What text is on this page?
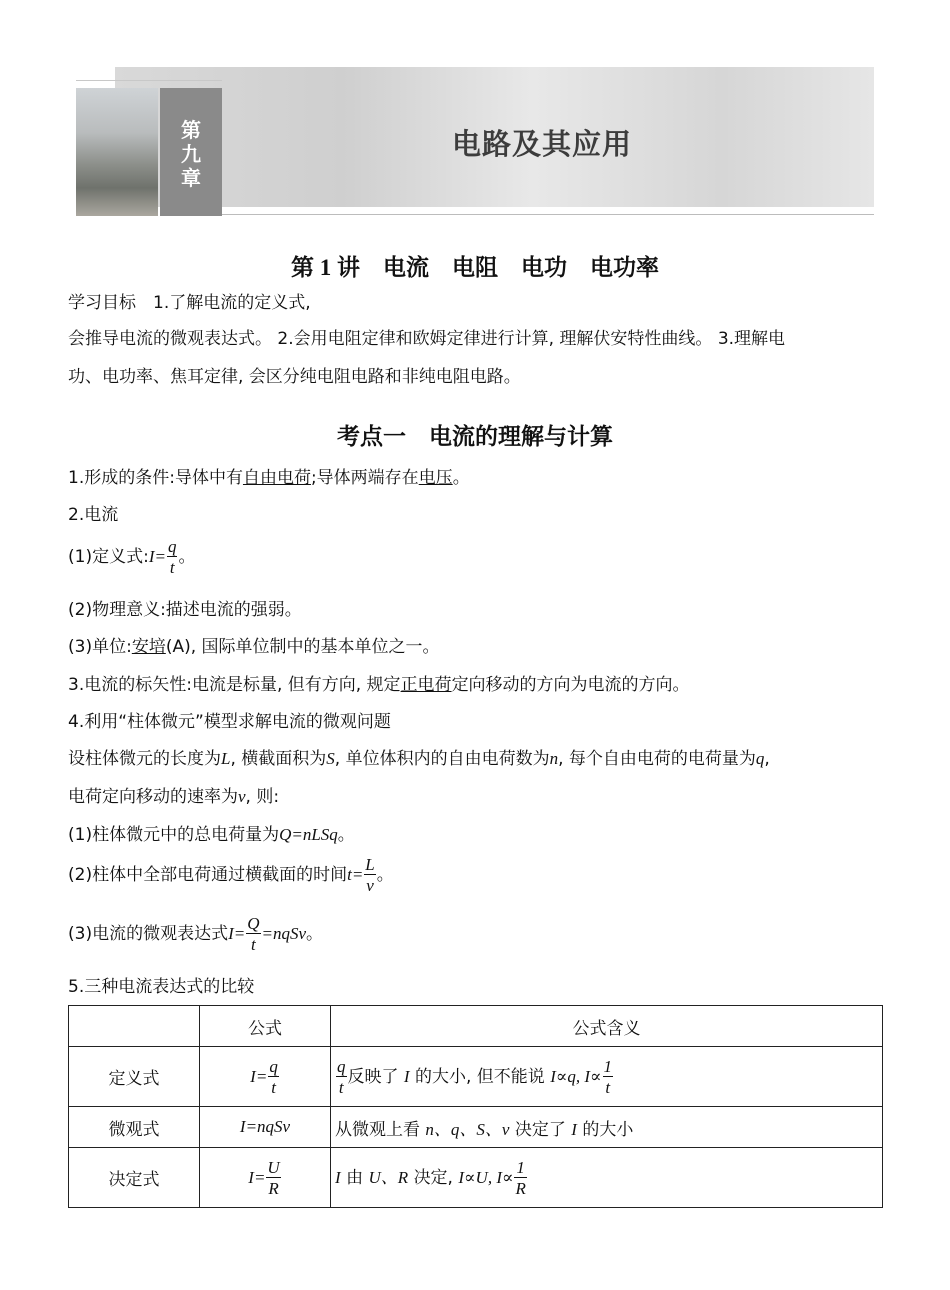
第
九
章
电路及其应用
第 1 讲　电流　电阻　电功　电功率
学习目标　1.了解电流的定义式,
会推导电流的微观表达式。 2.会用电阻定律和欧姆定律进行计算, 理解伏安特性曲线。 3.理解电
功、电功率、焦耳定律, 会区分纯电阻电路和非纯电阻电路。
考点一　电流的理解与计算
1.形成的条件:导体中有自由电荷;导体两端存在电压。
2.电流
(1)定义式:I= $\frac{q}{t}$ 。
(2)物理意义:描述电流的强弱。
(3)单位:安培(A), 国际单位制中的基本单位之一。
3.电流的标矢性:电流是标量, 但有方向, 规定正电荷定向移动的方向为电流的方向。
4.利用“柱体微元”模型求解电流的微观问题
设柱体微元的长度为L, 横截面积为S, 单位体积内的自由电荷数为n, 每个自由电荷的电荷量为q,
电荷定向移动的速率为v, 则:
(1)柱体微元中的总电荷量为Q=nLSq。
(2)柱体中全部电荷通过横截面的时间$t= \frac{L}{v}$ 。
(3)电流的微观表达式$I= \frac{Q}{t}$ =nqSv。
5.三种电流表达式的比较
	公式	公式含义
定义式	$I= \frac{q}{t}$	$\frac{q}{t}$ 反映了 I 的大小, 但不能说 I∝q, $I\propto \frac{1}{t}$

微观式	I=nqSv	从微观上看 n、q、S、v 决定了 I 的大小
决定式	$I= \frac{U}{R}$	I 由 U、R 决定, I∝U, $I\propto \frac{1}{R}$
